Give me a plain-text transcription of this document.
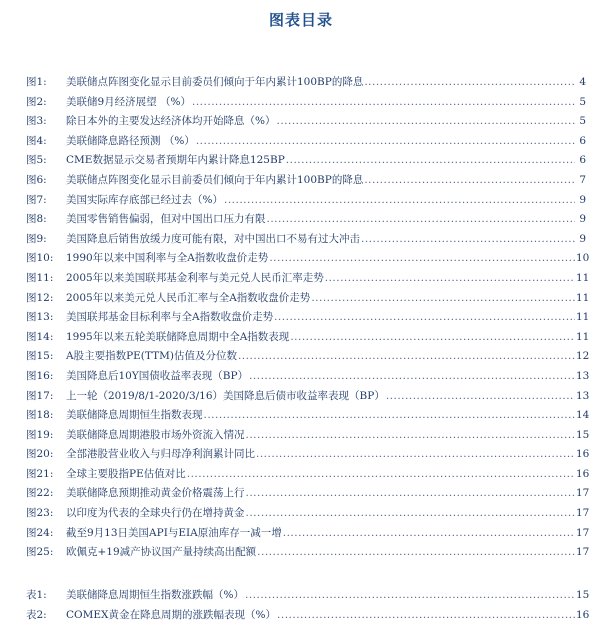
图表目录
图1:	美联储点阵图变化显示目前委员们倾向于年内累计100BP的降息 .....	4
图2:	美联储9月经济展望 （%） .....	5
图3:	除日本外的主要发达经济体均开始降息（%） .....	5
图4:	美联储降息路径预测 （%） .....	6
图5:	CME数据显示交易者预期年内累计降息125BP .....	6
图6:	美联储点阵图变化显示目前委员们倾向于年内累计100BP的降息 .....	7
图7:	美国实际库存底部已经过去（%） .....	9
图8:	美国零售销售偏弱，但对中国出口压力有限 .....	9
图9:	美国降息后销售放缓力度可能有限，对中国出口不易有过大冲击 .....	9
图10:	1990年以来中国利率与全A指数收盘价走势 .....	10
图11:	2005年以来美国联邦基金利率与美元兑人民币汇率走势 .....	11
图12:	2005年以来美元兑人民币汇率与全A指数收盘价走势 .....	11
图13:	美国联邦基金目标利率与全A指数收盘价走势 .....	11
图14:	1995年以来五轮美联储降息周期中全A指数表现 .....	11
图15:	A股主要指数PE(TTM)估值及分位数 .....	12
图16:	美国降息后10Y国债收益率表现（BP） .....	13
图17:	上一轮（2019/8/1-2020/3/16）美国降息后债市收益率表现（BP） .....	13
图18:	美联储降息周期恒生指数表现 .....	14
图19:	美联储降息周期港股市场外资流入情况 .....	15
图20:	全部港股营业收入与归母净利润累计同比 .....	16
图21:	全球主要股指PE估值对比 .....	16
图22:	美联储降息预期推动黄金价格震荡上行 .....	17
图23:	以印度为代表的全球央行仍在增持黄金 .....	17
图24:	截至9月13日美国API与EIA原油库存一减一增 .....	17
图25:	欧佩克+19减产协议国产量持续高出配额 .....	17
表1:	美联储降息周期恒生指数涨跌幅（%） .....	15
表2:	COMEX黄金在降息周期的涨跌幅表现（%） .....	16
